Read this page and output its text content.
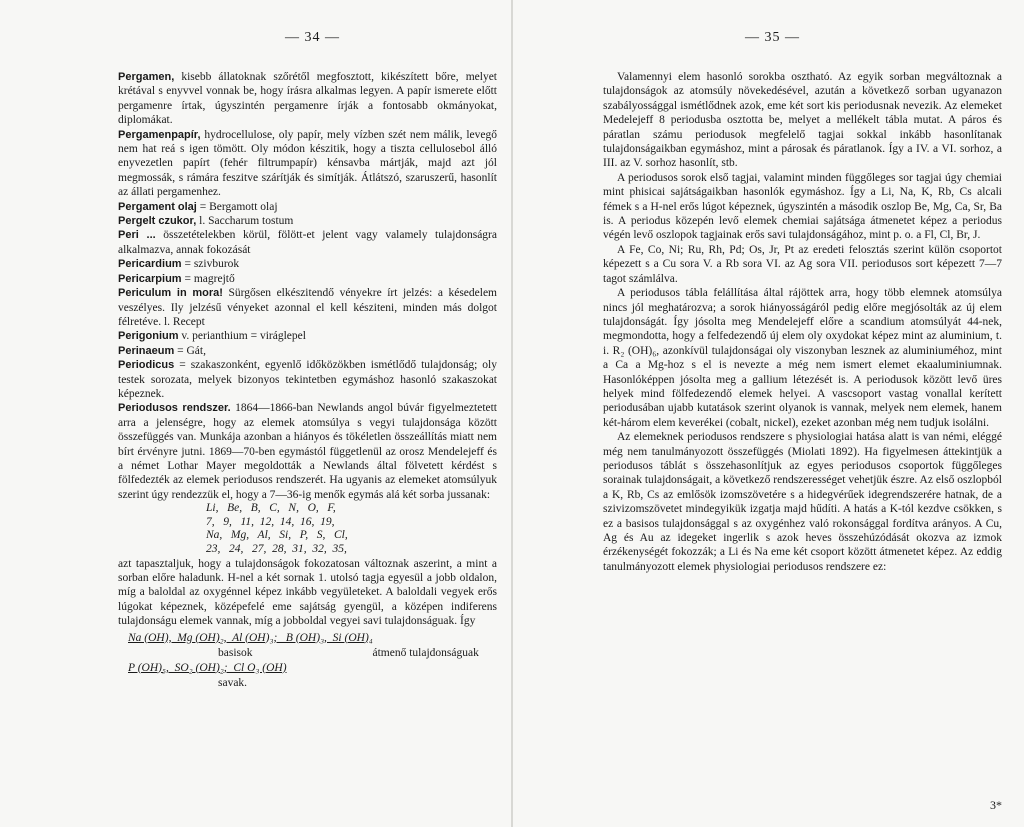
— 34 —

Pergamen, kisebb állatoknak szőrétől megfosztott, kikészített bőre, melyet krétával s enyvvel vonnak be, hogy írásra alkalmas legyen. A papír ismerete előtt pergamenre írtak, úgyszintén pergamenre írják a fontosabb okmányokat, diplomákat.

Pergamenpapír, hydrocellulose, oly papír, mely vízben szét nem málik, levegő nem hat reá s igen tömött. Oly módon készitik, hogy a tiszta cellulosebol álló enyvezetlen papírt (fehér filtrumpapír) kénsavba mártják, majd azt jól megmossák, s rámára feszitve szárítják és simítják. Átlátszó, szaruszerű, hasonlít az állati pergamenhez.

Pergament olaj = Bergamott olaj

Pergelt czukor, l. Saccharum tostum

Peri ... összetételekben körül, fölött-et jelent vagy valamely tulajdonságra alkalmazva, annak fokozását

Pericardium = szivburok

Pericarpium = magrejtő

Periculum in mora! Sürgősen elkészitendő vényekre írt jelzés: a késedelem veszélyes. Ily jelzésű vényeket azonnal el kell késziteni, minden más dolgot félretéve. l. Recept

Perigonium v. perianthium = viráglepel

Perinaeum = Gát,

Periodicus = szakaszonként, egyenlő időközökben ismétlődő tulajdonság; oly testek sorozata, melyek bizonyos tekintetben egymáshoz hasonló szakaszokat képeznek.

Periodusos rendszer. 1864—1866-ban Newlands angol búvár figyelmeztetett arra a jelenségre, hogy az elemek atomsúlya s vegyi tulajdonsága között összefüggés van. Munkája azonban a hiányos és tökéletlen összeállítás miatt nem bírt érvényre jutni. 1869—70-ben egymástól függetlenül az orosz Mendelejeff és a német Lothar Mayer megoldották a Newlands által fölvetett kérdést s fölfedezték az elemek periodusos rendszerét. Ha ugyanis az elemeket atomsúlyuk szerint úgy rendezzük el, hogy a 7—36-ig menők egymás alá két sorba jussanak:

Li,   Be,   B,   C,   N,   O,   F,
7,   9,   11,  12,  14,  16,  19,
Na,   Mg,   Al,   Si,   P,   S,   Cl,
23,   24,   27,  28,  31,  32,  35,

azt tapasztaljuk, hogy a tulajdonságok fokozatosan változnak aszerint, a mint a sorban előre haladunk. H-nel a két sornak 1. utolsó tagja egyesül a jobb oldalon, míg a baloldal az oxygénnel képez inkább vegyületeket. A baloldali vegyek erős lúgokat képeznek, középefelé eme sajátság gyengül, a középen indiferens tulajdonságu elemek vannak, míg a jobboldal vegyei savi tulajdonságuak. Így

Na (OH),  Mg (OH)₂,  Al (OH)₃;   B (OH)₃,  Si (OH)₄
basisok	átmenő tulajdonságuak
P (OH)₅,  SO₂ (OH)₂;  Cl O₃ (OH)
savak.
— 35 —

Valamennyi elem hasonló sorokba osztható. Az egyik sorban megváltoznak a tulajdonságok az atomsúly növekedésével, azután a következő sorban ugyanazon szabályossággal ismétlődnek azok, eme két sort kis periodusnak nevezik. Az elemeket Medelejeff 8 periodusba osztotta be, melyet a mellékelt tábla mutat. A páros és páratlan számu periodusok megfelelő tagjai sokkal inkább hasonlítanak tulajdonságaikban egymáshoz, mint a párosak és páratlanok. Így a IV. a VI. sorhoz, a III. az V. sorhoz hasonlít, stb.

A periodusos sorok első tagjai, valamint minden függőleges sor tagjai úgy chemiai mint phisicai sajátságaikban hasonlók egymáshoz. Így a Li, Na, K, Rb, Cs alcali fémek s a H-nel erős lúgot képeznek, úgyszintén a második oszlop Be, Mg, Ca, Sr, Ba is. A periodus közepén levő elemek chemiai sajátsága átmenetet képez a periodus végén levő oszlopok tagjainak erős savi tulajdonságához, mint p. o. a Fl, Cl, Br, J.

A Fe, Co, Ni; Ru, Rh, Pd; Os, Jr, Pt az eredeti felosztás szerint külön csoportot képezett s a Cu sora V. a Rb sora VI. az Ag sora VII. periodusos sort képezett 7—7 tagot számlálva.

A periodusos tábla felállítása által rájöttek arra, hogy több elemnek atomsúlya nincs jól meghatározva; a sorok hiányosságáról pedig előre megjósolták az új elem tulajdonságát. Így jósolta meg Mendelejeff előre a scandium atomsúlyát 44-nek, megmondotta, hogy a felfedezendő új elem oly oxydokat képez mint az aluminium, t. i. R₂ (OH)₆, azonkívül tulajdonságai oly viszonyban lesznek az aluminiuméhoz, mint a Ca a Mg-hoz s el is nevezte a még nem ismert elemet ekaaluminiumnak. Hasonlóképpen jósolta meg a gallium létezését is. A periodusok között levő üres helyek mind fölfedezendő elemek helyei. A vascsoport vastag vonallal kerített periodusában ujabb kutatások szerint olyanok is vannak, melyek nem elemek, hanem két-három elem keverékei (cobalt, nickel), ezeket azonban még nem tudjuk isolálni.

Az elemeknek periodusos rendszere s physiologiai hatása alatt is van némi, eléggé még nem tanulmányozott összefüggés (Miolati 1892). Ha figyelmesen áttekintjük a periodusos táblát s összehasonlítjuk az egyes periodusos csoportok függőleges sorainak tulajdonságait, a következő rendszerességet vehetjük észre. Az első oszlopból a K, Rb, Cs az emlősök izomszövetére s a hidegvérűek idegrendszerére hatnak, de a szivizomszövetet mindegyikük izgatja majd hűdíti. A hatás a K-tól kezdve csökken, s ez a basisos tulajdonsággal s az oxygénhez való rokonsággal fordítva arányos. A Cu, Ag és Au az idegeket ingerlik s azok heves összehúzódását okozva az izmok érzékenységét fokozzák; a Li és Na eme két csoport között átmenetet képez. Az eddig tanulmányozott elemek physiologiai periodusos rendszere ez:

3*
